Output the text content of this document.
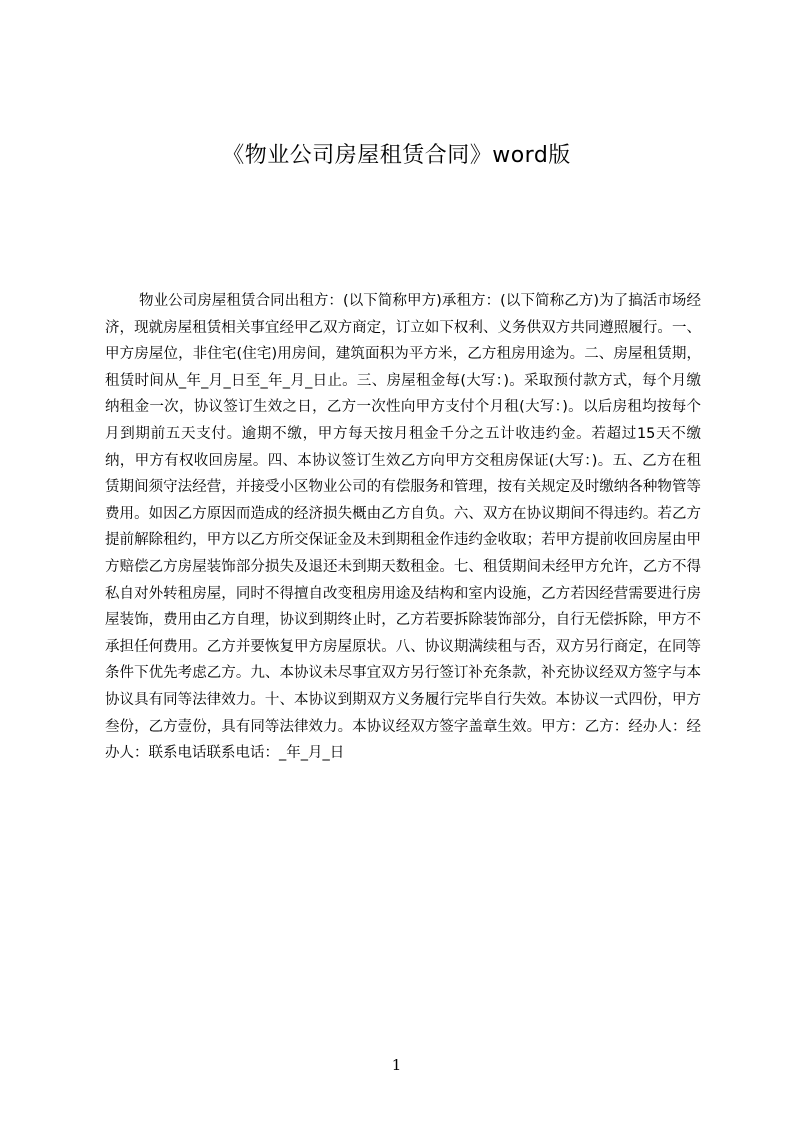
《物业公司房屋租赁合同》word版

物业公司房屋租赁合同出租方：(以下简称甲方)承租方：(以下简称乙方)为了搞活市场经济，现就房屋租赁相关事宜经甲乙双方商定，订立如下权利、义务供双方共同遵照履行。一、甲方房屋位，非住宅(住宅)用房间，建筑面积为平方米，乙方租房用途为。二、房屋租赁期，租赁时间从_年_月_日至_年_月_日止。三、房屋租金每(大写：)。采取预付款方式，每个月缴纳租金一次，协议签订生效之日，乙方一次性向甲方支付个月租(大写：)。以后房租均按每个月到期前五天支付。逾期不缴，甲方每天按月租金千分之五计收违约金。若超过15天不缴纳，甲方有权收回房屋。四、本协议签订生效乙方向甲方交租房保证(大写：)。五、乙方在租赁期间须守法经营，并接受小区物业公司的有偿服务和管理，按有关规定及时缴纳各种物管等费用。如因乙方原因而造成的经济损失概由乙方自负。六、双方在协议期间不得违约。若乙方提前解除租约，甲方以乙方所交保证金及未到期租金作违约金收取；若甲方提前收回房屋由甲方赔偿乙方房屋装饰部分损失及退还未到期天数租金。七、租赁期间未经甲方允许，乙方不得私自对外转租房屋，同时不得擅自改变租房用途及结构和室内设施，乙方若因经营需要进行房屋装饰，费用由乙方自理，协议到期终止时，乙方若要拆除装饰部分，自行无偿拆除，甲方不承担任何费用。乙方并要恢复甲方房屋原状。八、协议期满续租与否，双方另行商定，在同等条件下优先考虑乙方。九、本协议未尽事宜双方另行签订补充条款，补充协议经双方签字与本协议具有同等法律效力。十、本协议到期双方义务履行完毕自行失效。本协议一式四份，甲方叁份，乙方壹份，具有同等法律效力。本协议经双方签字盖章生效。甲方：乙方：经办人：经办人：联系电话联系电话：_年_月_日

1
